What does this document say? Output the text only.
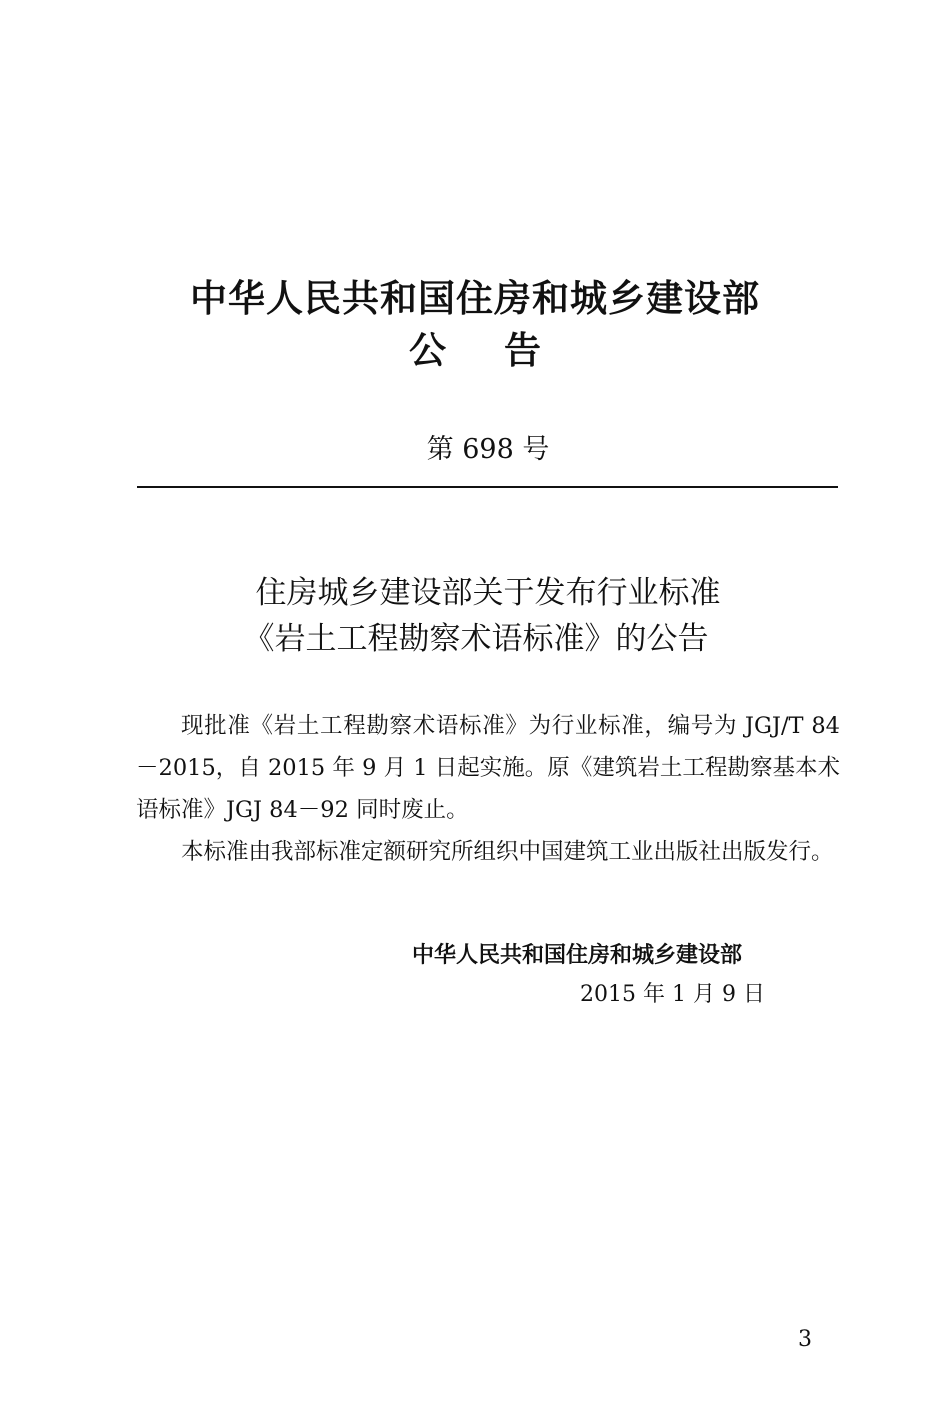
中华人民共和国住房和城乡建设部
公告
第 698 号
住房城乡建设部关于发布行业标准
《岩土工程勘察术语标准》的公告

现批准《岩土工程勘察术语标准》为行业标准，编号为 JGJ/T 84－2015，自 2015 年 9 月 1 日起实施。原《建筑岩土工程勘察基本术语标准》JGJ 84－92 同时废止。

本标准由我部标准定额研究所组织中国建筑工业出版社出版发行。

中华人民共和国住房和城乡建设部
2015 年 1 月 9 日
3
